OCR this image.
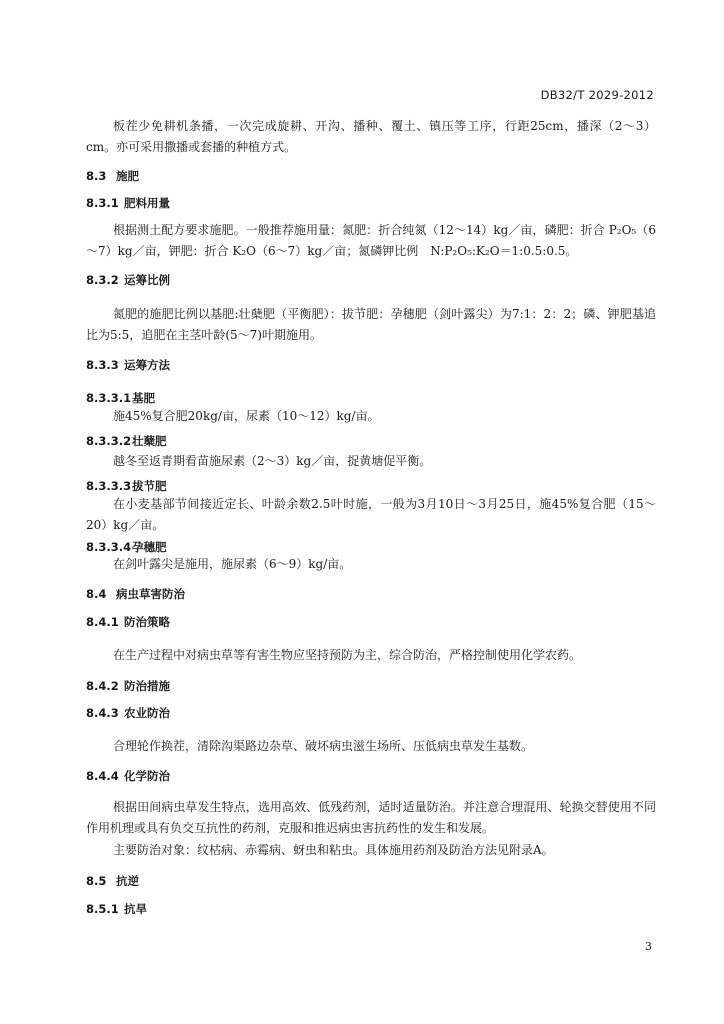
DB32/T 2029-2012
板茬少免耕机条播，一次完成旋耕、开沟、播种、覆土、镇压等工序，行距25cm，播深（2～3）cm。亦可采用撒播或套播的种植方式。
8.3 施肥
8.3.1 肥料用量
根据测土配方要求施肥。一般推荐施用量：氮肥：折合纯氮（12～14）kg／亩，磷肥：折合 P₂O₅（6～7）kg／亩，钾肥：折合 K₂O（6～7）kg／亩；氮磷钾比例　N:P₂O₅:K₂O＝1:0.5:0.5。
8.3.2 运筹比例
氮肥的施肥比例以基肥:壮蘖肥（平衡肥）：拔节肥：孕穗肥（剑叶露尖）为7:1：2：2；磷、钾肥基追比为5:5，追肥在主茎叶龄(5～7)叶期施用。
8.3.3 运筹方法
8.3.3.1基肥
施45%复合肥20kg/亩，尿素（10～12）kg/亩。
8.3.3.2壮蘖肥
越冬至返青期看苗施尿素（2～3）kg／亩，捉黄塘促平衡。
8.3.3.3拔节肥
在小麦基部节间接近定长、叶龄余数2.5叶时施，一般为3月10日～3月25日，施45%复合肥（15～20）kg／亩。
8.3.3.4孕穗肥
在剑叶露尖是施用，施尿素（6～9）kg/亩。
8.4 病虫草害防治
8.4.1 防治策略
在生产过程中对病虫草等有害生物应坚持预防为主，综合防治，严格控制使用化学农药。
8.4.2 防治措施
8.4.3 农业防治
合理轮作换茬，清除沟渠路边杂草、破坏病虫滋生场所、压低病虫草发生基数。
8.4.4 化学防治
根据田间病虫草发生特点，选用高效、低残药剂，适时适量防治。并注意合理混用、轮换交替使用不同作用机理或具有负交互抗性的药剂，克服和推迟病虫害抗药性的发生和发展。
主要防治对象：纹枯病、赤霉病、蚜虫和粘虫。具体施用药剂及防治方法见附录A。
8.5 抗逆
8.5.1 抗旱
3
